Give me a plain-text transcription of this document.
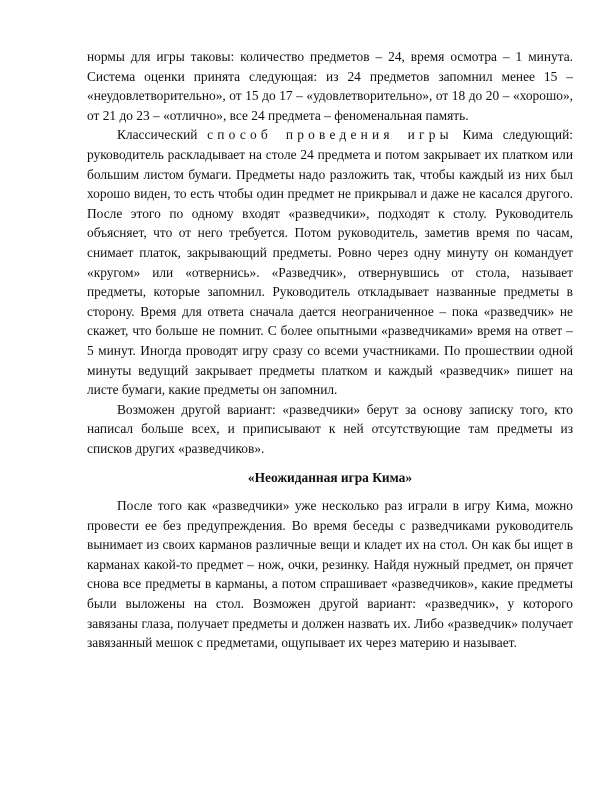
нормы для игры таковы: количество предметов – 24, время осмотра – 1 минута. Система оценки принята следующая: из 24 предметов запомнил менее 15 – «неудовлетворительно», от 15 до 17 – «удовлетворительно», от 18 до 20 – «хорошо», от 21 до 23 – «отлично», все 24 предмета – феноменальная память.

Классический способ проведения игры Кима следующий: руководитель раскладывает на столе 24 предмета и потом закрывает их платком или большим листом бумаги. Предметы надо разложить так, чтобы каждый из них был хорошо виден, то есть чтобы один предмет не прикрывал и даже не касался другого. После этого по одному входят «разведчики», подходят к столу. Руководитель объясняет, что от него требуется. Потом руководитель, заметив время по часам, снимает платок, закрывающий предметы. Ровно через одну минуту он командует «кругом» или «отвернись». «Разведчик», отвернувшись от стола, называет предметы, которые запомнил. Руководитель откладывает названные предметы в сторону. Время для ответа сначала дается неограниченное – пока «разведчик» не скажет, что больше не помнит. С более опытными «разведчиками» время на ответ – 5 минут. Иногда проводят игру сразу со всеми участниками. По прошествии одной минуты ведущий закрывает предметы платком и каждый «разведчик» пишет на листе бумаги, какие предметы он запомнил.

Возможен другой вариант: «разведчики» берут за основу записку того, кто написал больше всех, и приписывают к ней отсутствующие там предметы из списков других «разведчиков».

«Неожиданная игра Кима»

После того как «разведчики» уже несколько раз играли в игру Кима, можно провести ее без предупреждения. Во время беседы с разведчиками руководитель вынимает из своих карманов различные вещи и кладет их на стол. Он как бы ищет в карманах какой-то предмет – нож, очки, резинку. Найдя нужный предмет, он прячет снова все предметы в карманы, а потом спрашивает «разведчиков», какие предметы были выложены на стол. Возможен другой вариант: «разведчик», у которого завязаны глаза, получает предметы и должен назвать их. Либо «разведчик» получает завязанный мешок с предметами, ощупывает их через материю и называет.
